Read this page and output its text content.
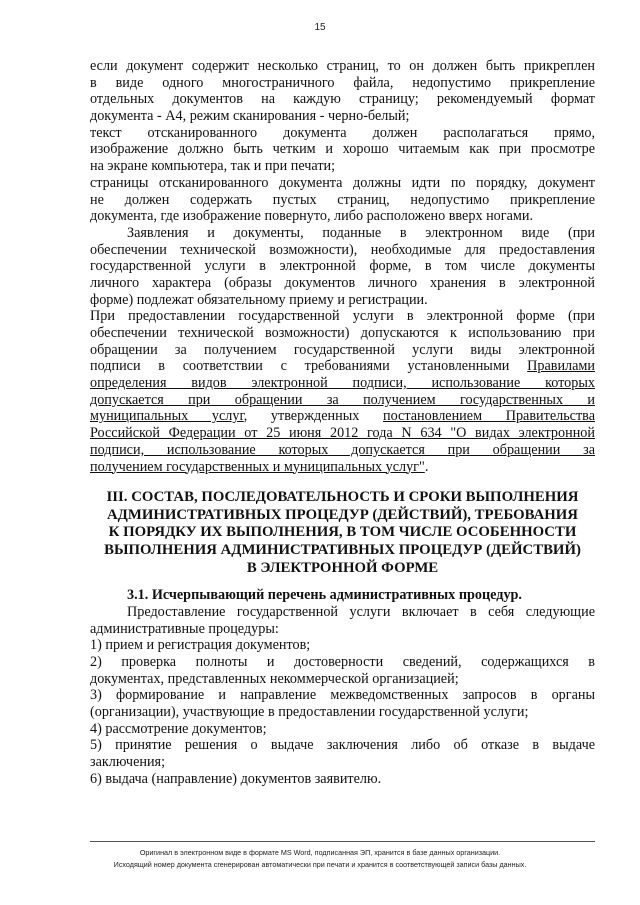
15
если документ содержит несколько страниц, то он должен быть прикреплен
в виде одного многостраничного файла, недопустимо прикрепление
отдельных документов на каждую страницу; рекомендуемый формат
документа - А4, режим сканирования - черно-белый;
текст отсканированного документа должен располагаться прямо,
изображение должно быть четким и хорошо читаемым как при просмотре
на экране компьютера, так и при печати;
страницы отсканированного документа должны идти по порядку, документ
не должен содержать пустых страниц, недопустимо прикрепление
документа, где изображение повернуто, либо расположено вверх ногами.
Заявления и документы, поданные в электронном виде (при
обеспечении технической возможности), необходимые для предоставления
государственной услуги в электронной форме, в том числе документы
личного характера (образы документов личного хранения в электронной
форме) подлежат обязательному приему и регистрации.
При предоставлении государственной услуги в электронной форме (при
обеспечении технической возможности) допускаются к использованию при
обращении за получением государственной услуги виды электронной
подписи в соответствии с требованиями установленными Правилами
определения видов электронной подписи, использование которых
допускается при обращении за получением государственных и
муниципальных услуг, утвержденных постановлением Правительства
Российской Федерации от 25 июня 2012 года N 634 "О видах электронной
подписи, использование которых допускается при обращении за
получением государственных и муниципальных услуг".
III. СОСТАВ, ПОСЛЕДОВАТЕЛЬНОСТЬ И СРОКИ ВЫПОЛНЕНИЯ
АДМИНИСТРАТИВНЫХ ПРОЦЕДУР (ДЕЙСТВИЙ), ТРЕБОВАНИЯ
К ПОРЯДКУ ИХ ВЫПОЛНЕНИЯ, В ТОМ ЧИСЛЕ ОСОБЕННОСТИ
ВЫПОЛНЕНИЯ АДМИНИСТРАТИВНЫХ ПРОЦЕДУР (ДЕЙСТВИЙ)
В ЭЛЕКТРОННОЙ ФОРМЕ
3.1. Исчерпывающий перечень административных процедур.
Предоставление государственной услуги включает в себя следующие
административные процедуры:
1) прием и регистрация документов;
2) проверка полноты и достоверности сведений, содержащихся в
документах, представленных некоммерческой организацией;
3) формирование и направление межведомственных запросов в органы
(организации), участвующие в предоставлении государственной услуги;
4) рассмотрение документов;
5) принятие решения о выдаче заключения либо об отказе в выдаче
заключения;
6) выдача (направление) документов заявителю.
Оригинал в электронном виде в формате MS Word, подписанная ЭП, хранится в базе данных организации.
Исходящий номер документа сгенерирован автоматически при печати и хранится в соответствующей записи базы данных.
